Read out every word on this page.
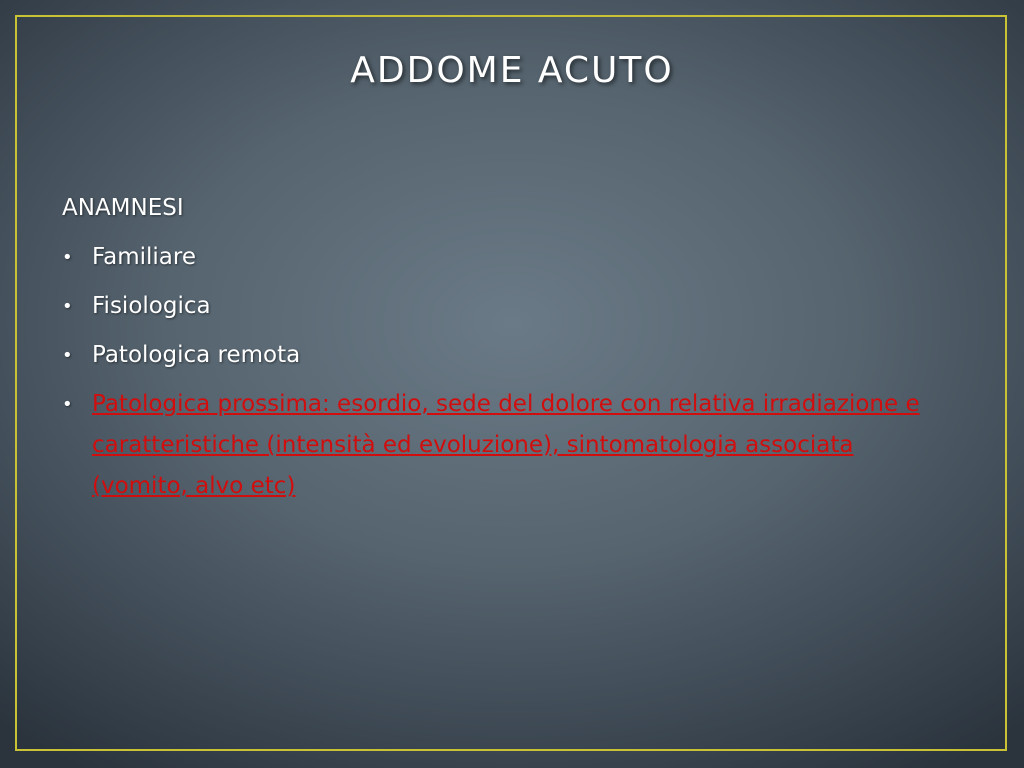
ADDOME ACUTO
ANAMNESI
• Familiare
• Fisiologica
• Patologica remota
• Patologica prossima: esordio, sede del dolore con relativa irradiazione e caratteristiche (intensità ed evoluzione), sintomatologia associata (vomito, alvo etc)
